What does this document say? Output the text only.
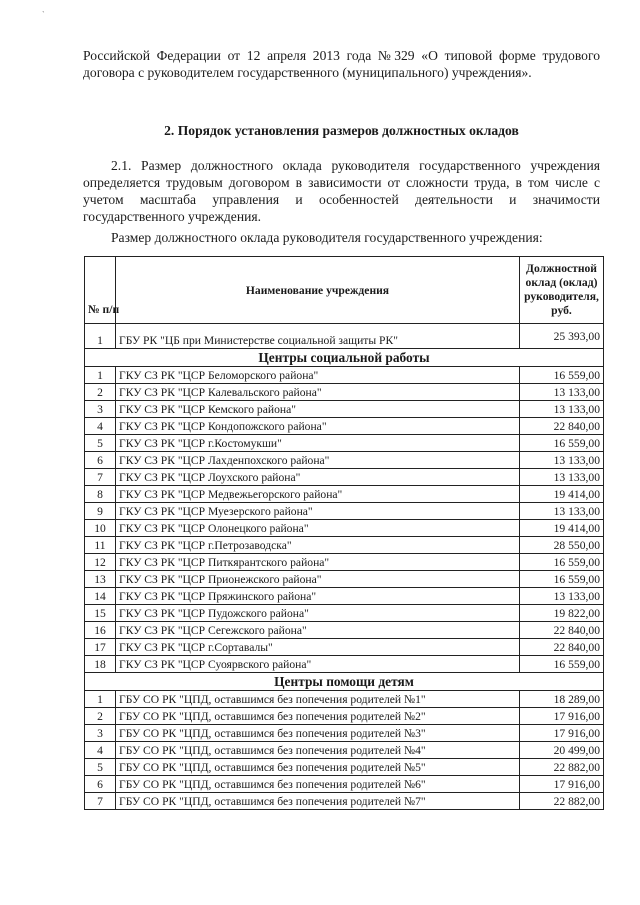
`

Российской Федерации от 12 апреля 2013 года №329 «О типовой форме трудового договора с руководителем государственного (муниципального) учреждения».

2. Порядок установления размеров должностных окладов

2.1. Размер должностного оклада руководителя государственного учреждения определяется трудовым договором в зависимости от сложности труда, в том числе с учетом масштаба управления и особенностей деятельности и значимости государственного учреждения.

Размер должностного оклада руководителя государственного учреждения:

№ п/п	Наименование учреждения	Должностной оклад (оклад) руководителя, руб.
1	ГБУ РК "ЦБ при Министерстве социальной защиты РК"	25 393,00
Центры социальной работы		
1	ГКУ СЗ РК "ЦСР Беломорского района"	16 559,00
2	ГКУ СЗ РК "ЦСР Калевальского района"	13 133,00
3	ГКУ СЗ РК "ЦСР Кемского района"	13 133,00
4	ГКУ СЗ РК "ЦСР Кондопожского района"	22 840,00
5	ГКУ СЗ РК "ЦСР г.Костомукши"	16 559,00
6	ГКУ СЗ РК "ЦСР Лахденпохского района"	13 133,00
7	ГКУ СЗ РК "ЦСР Лоухского района"	13 133,00
8	ГКУ СЗ РК "ЦСР Медвежьегорского района"	19 414,00
9	ГКУ СЗ РК "ЦСР Муезерского района"	13 133,00
10	ГКУ СЗ РК "ЦСР Олонецкого района"	19 414,00
11	ГКУ СЗ РК "ЦСР г.Петрозаводска"	28 550,00
12	ГКУ СЗ РК "ЦСР Питкярантского района"	16 559,00
13	ГКУ СЗ РК "ЦСР Прионежского района"	16 559,00
14	ГКУ СЗ РК "ЦСР Пряжинского района"	13 133,00
15	ГКУ СЗ РК "ЦСР Пудожского района"	19 822,00
16	ГКУ СЗ РК "ЦСР Сегежского района"	22 840,00
17	ГКУ СЗ РК "ЦСР г.Сортавалы"	22 840,00
18	ГКУ СЗ РК "ЦСР Суоярвского района"	16 559,00
Центры помощи детям		
1	ГБУ СО РК "ЦПД, оставшимся без попечения родителей №1"	18 289,00
2	ГБУ СО РК "ЦПД, оставшимся без попечения родителей №2"	17 916,00
3	ГБУ СО РК "ЦПД, оставшимся без попечения родителей №3"	17 916,00
4	ГБУ СО РК "ЦПД, оставшимся без попечения родителей №4"	20 499,00
5	ГБУ СО РК "ЦПД, оставшимся без попечения родителей №5"	22 882,00
6	ГБУ СО РК "ЦПД, оставшимся без попечения родителей №6"	17 916,00
7	ГБУ СО РК "ЦПД, оставшимся без попечения родителей №7"	22 882,00
